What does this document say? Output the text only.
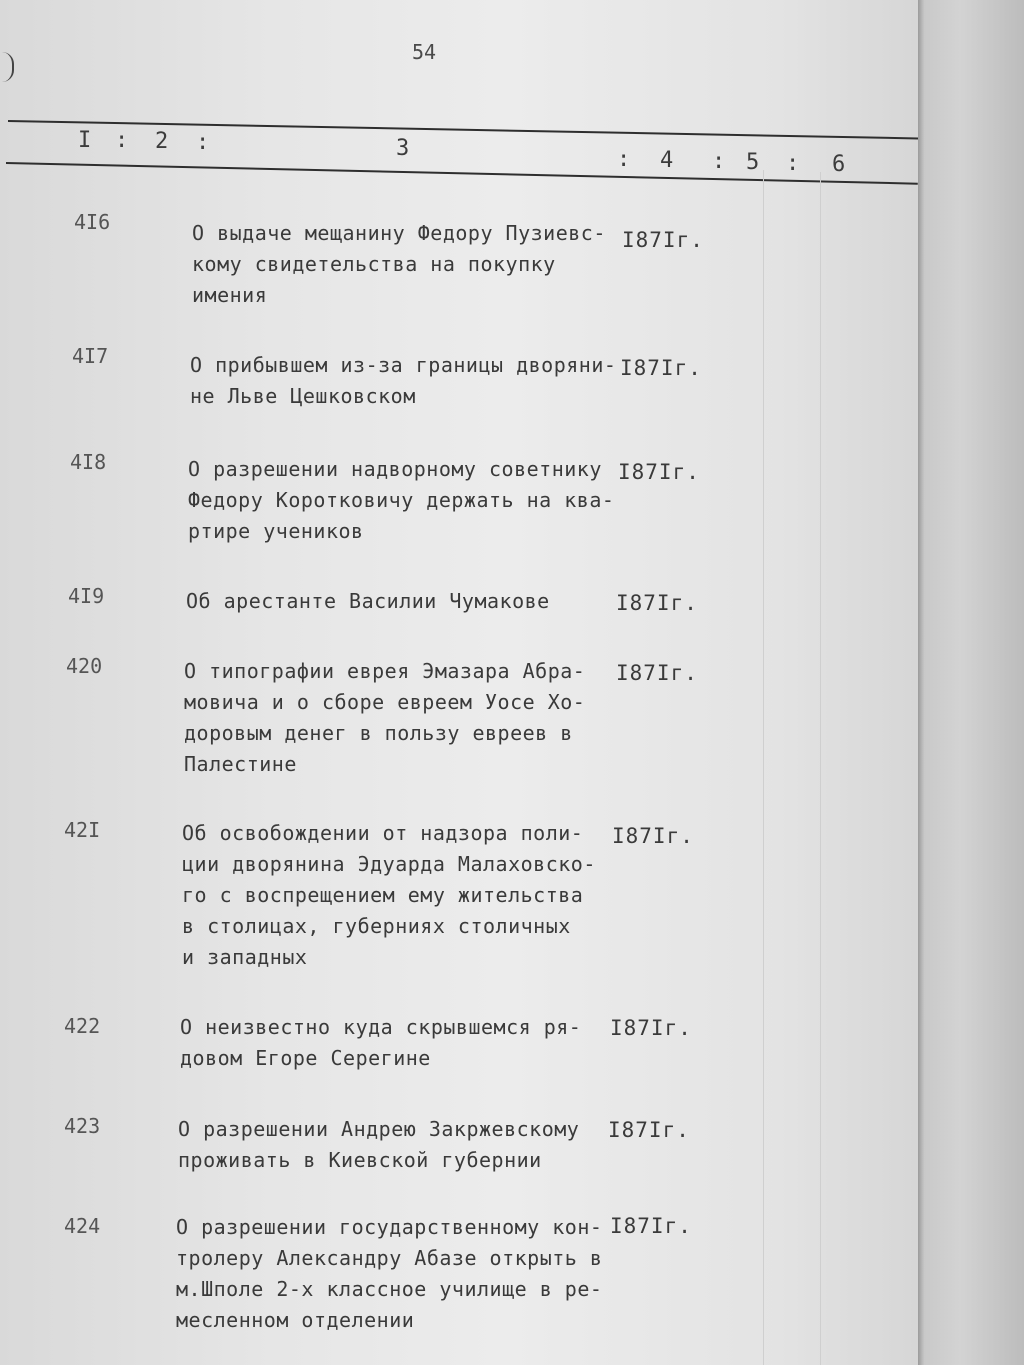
54
I : 2 :	3	: 4 : 5 : 6
4I6	О выдаче мещанину Федору Пузиевс-
кому свидетельства на покупку
имения
I87Iг.
4I7	О прибывшем из-за границы дворяни-
не Льве Цешковском
I87Iг.
4I8	О разрешении надворному советнику
Федору Коротковичу держать на ква-
ртире учеников
I87Iг.
4I9	Об арестанте Василии Чумакове	I87Iг.
420	О типографии еврея Эмазара Абра-
мовича и о сборе евреем Уосе Хо-
доровым денег в пользу евреев в
Палестине
I87Iг.
42I	Об освобождении от надзора поли-
ции дворянина Эдуарда Малаховско-
го с воспрещением ему жительства
в столицах, губерниях столичных
и западных
I87Iг.
422	О неизвестно куда скрывшемся ря-
довом Егоре Серегине
I87Iг.
423	О разрешении Андрею Закржевскому
проживать в Киевской губернии
I87Iг.
424	О разрешении государственному кон-
тролеру Александру Абазе открыть в
м.Шполе 2-х классное училище в ре-
месленном отделении
I87Iг.
